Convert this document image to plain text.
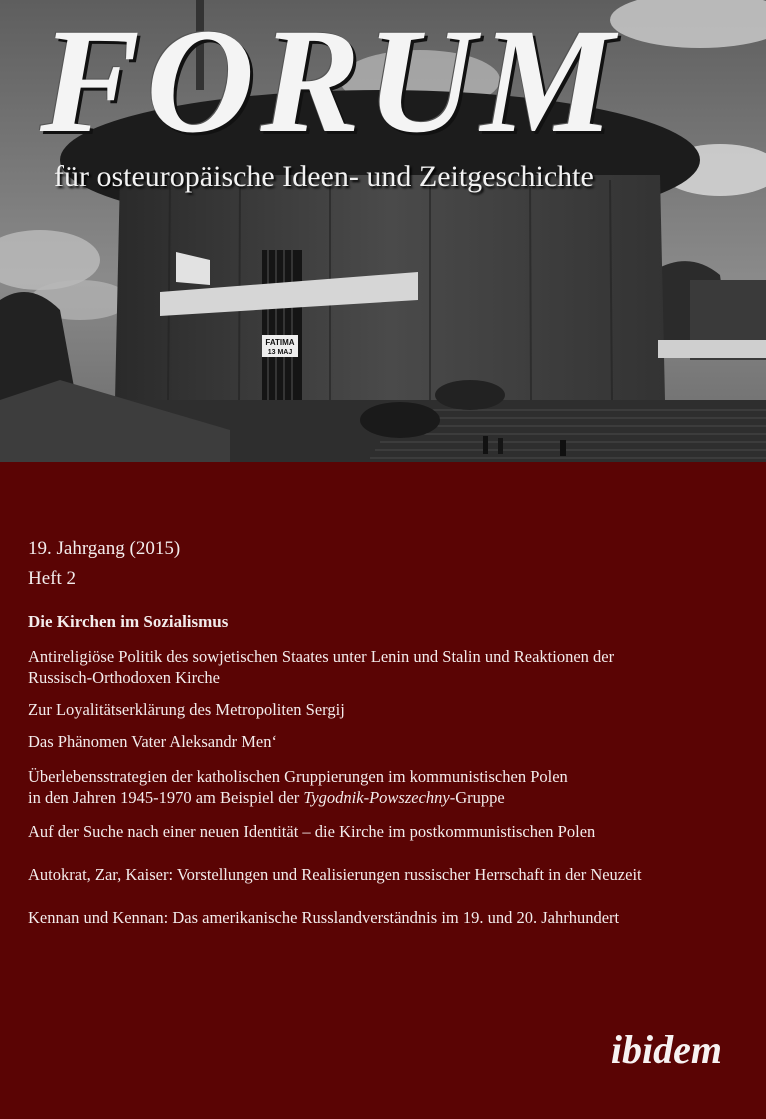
FATIMA
13 MAJ
FORUM

für osteuropäische Ideen- und Zeitgeschichte

19. Jahrgang (2015)

Heft 2

Die Kirchen im Sozialismus

Antireligiöse Politik des sowjetischen Staates unter Lenin und Stalin und Reaktionen der
Russisch-Orthodoxen Kirche

Zur Loyalitätserklärung des Metropoliten Sergij

Das Phänomen Vater Aleksandr Men‘

Überlebensstrategien der katholischen Gruppierungen im kommunistischen Polen
in den Jahren 1945-1970 am Beispiel der Tygodnik-Powszechny-Gruppe

Auf der Suche nach einer neuen Identität – die Kirche im postkommunistischen Polen

Autokrat, Zar, Kaiser: Vorstellungen und Realisierungen russischer Herrschaft in der Neuzeit

Kennan und Kennan: Das amerikanische Russlandverständnis im 19. und 20. Jahrhundert

ibidem
